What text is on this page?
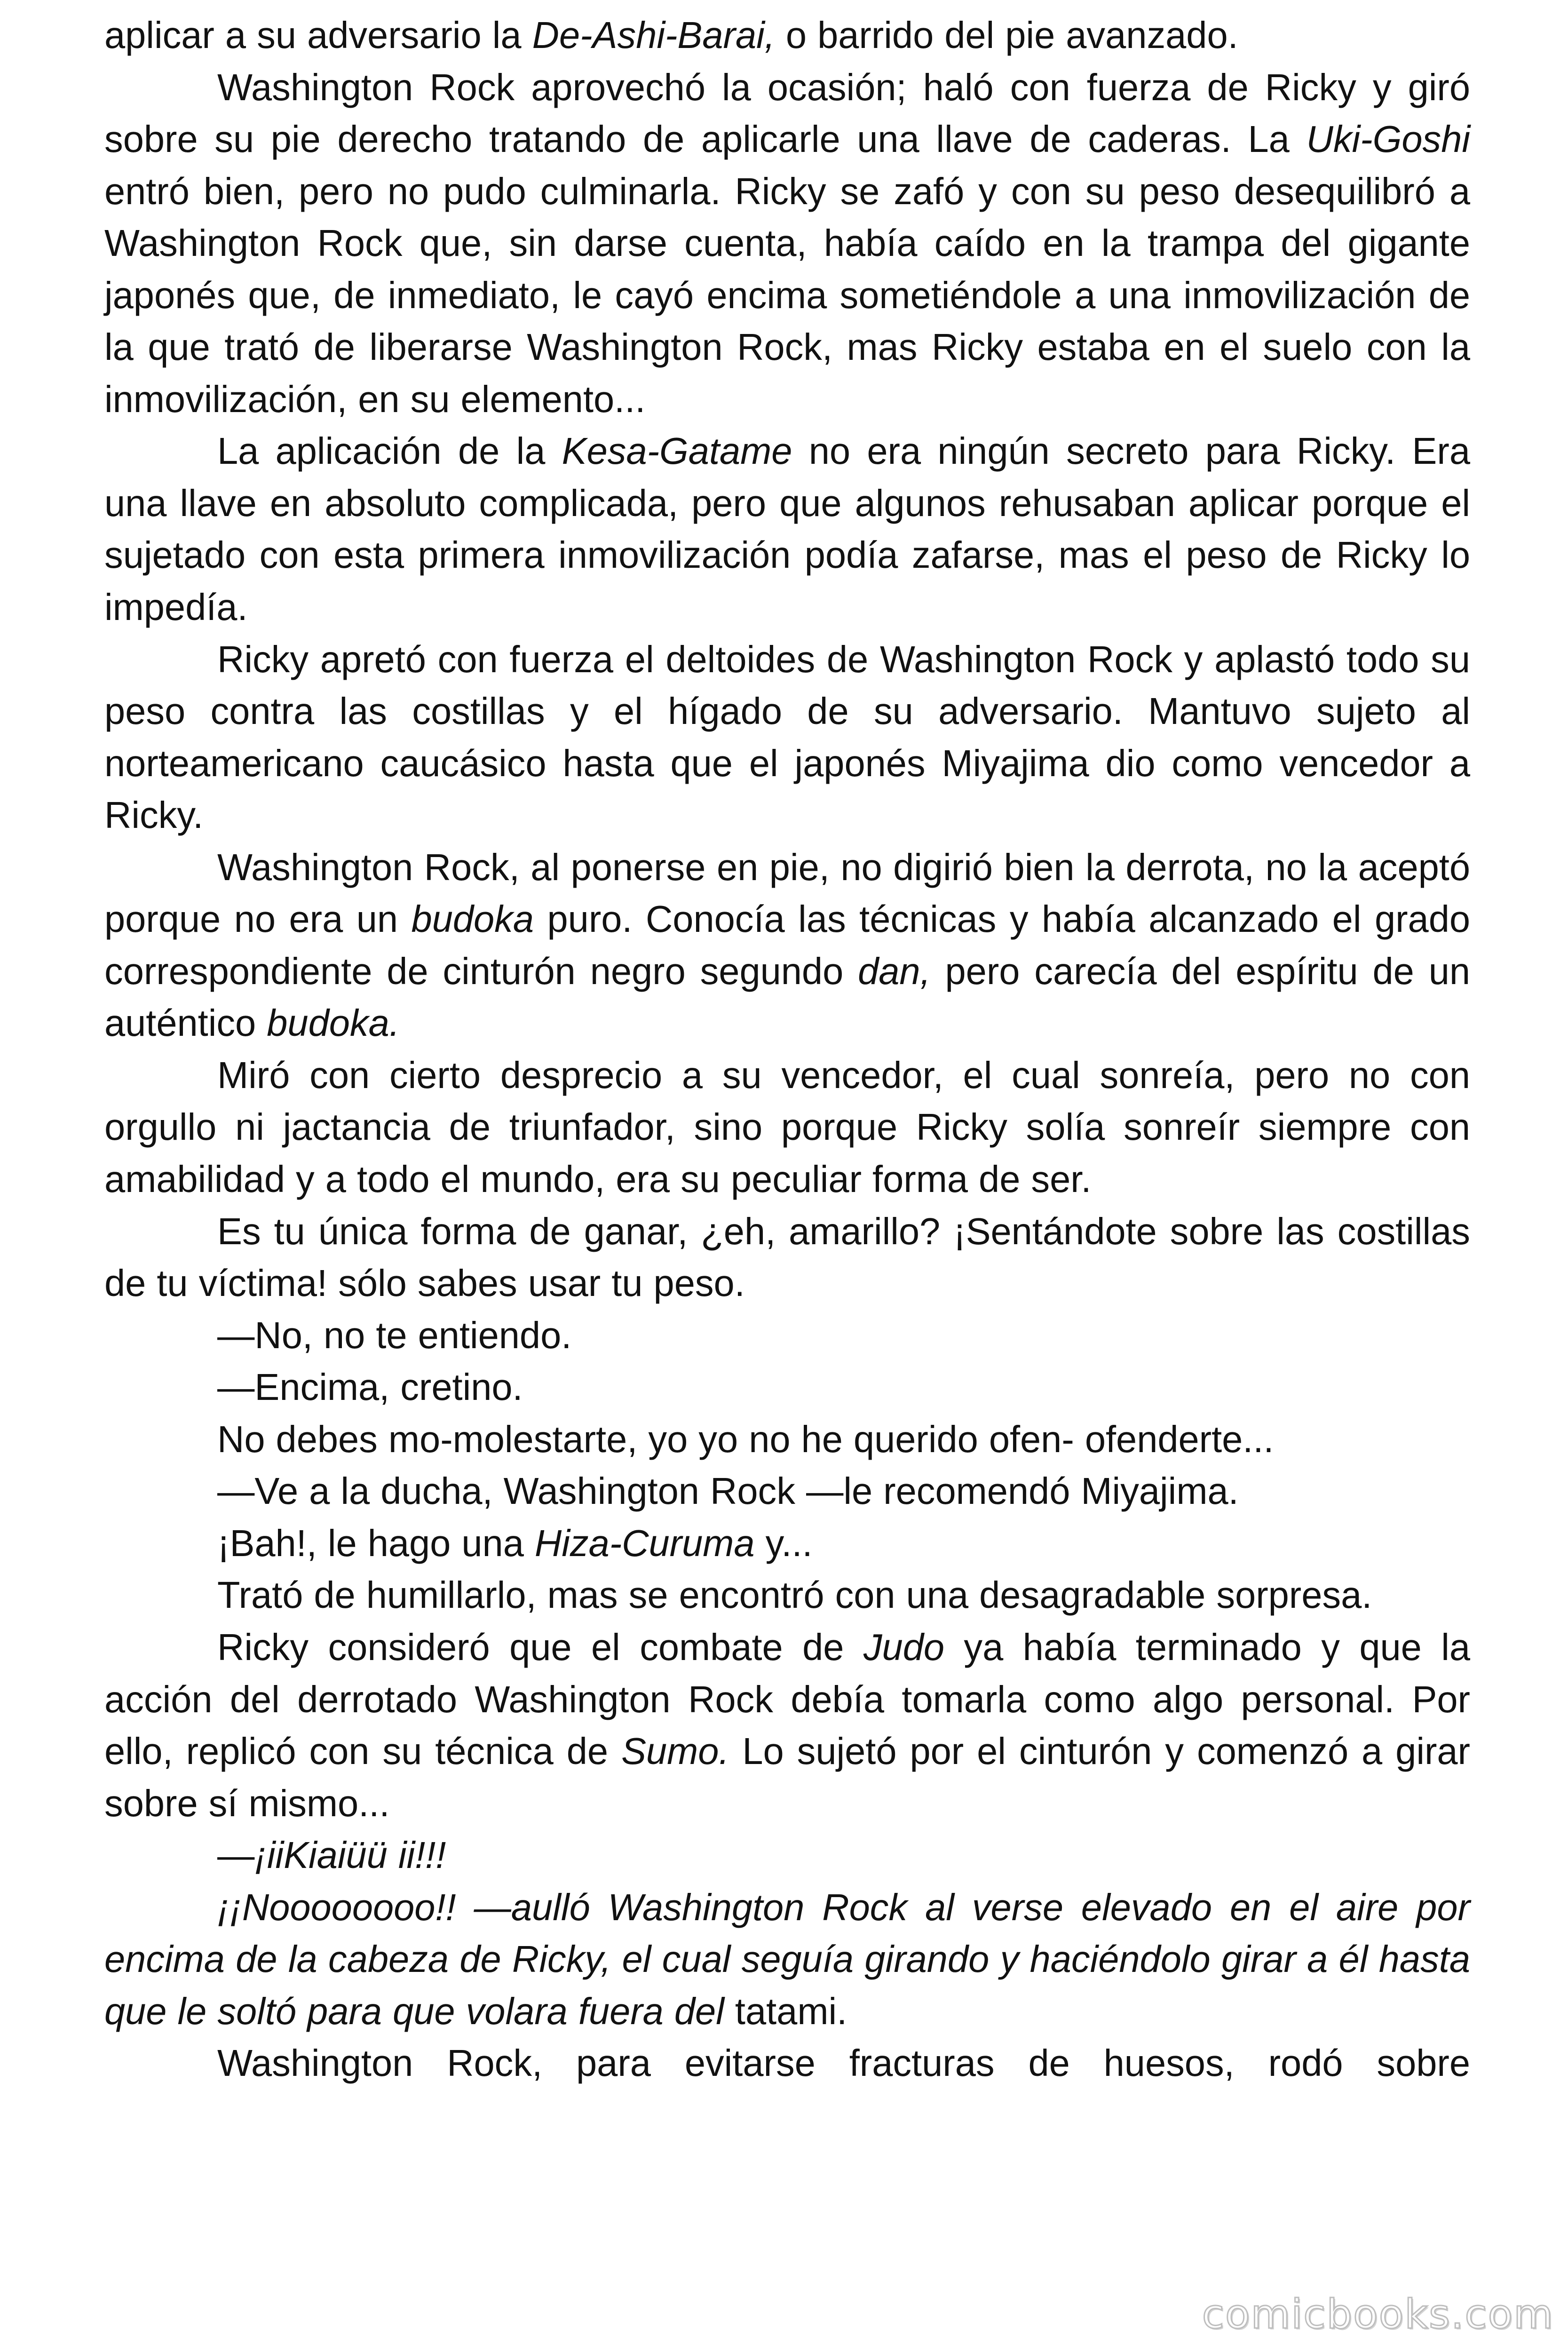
aplicar a su adversario la De-Ashi-Barai, o barrido del pie avanzado.

Washington Rock aprovechó la ocasión; haló con fuerza de Ricky y giró sobre su pie derecho tratando de aplicarle una llave de caderas. La Uki-Goshi entró bien, pero no pudo culminarla. Ricky se zafó y con su peso desequilibró a Washington Rock que, sin darse cuenta, había caído en la trampa del gigante japonés que, de inmediato, le cayó encima sometiéndole a una inmovilización de la que trató de liberarse Washington Rock, mas Ricky estaba en el suelo con la inmovilización, en su elemento...

La aplicación de la Kesa-Gatame no era ningún secreto para Ricky. Era una llave en absoluto complicada, pero que algunos rehusaban aplicar porque el sujetado con esta primera inmovilización podía zafarse, mas el peso de Ricky lo impedía.

Ricky apretó con fuerza el deltoides de Washington Rock y aplastó todo su peso contra las costillas y el hígado de su adversario. Mantuvo sujeto al norteamericano caucásico hasta que el japonés Miyajima dio como vencedor a Ricky.

Washington Rock, al ponerse en pie, no digirió bien la derrota, no la aceptó porque no era un budoka puro. Conocía las técnicas y había alcanzado el grado correspondiente de cinturón negro segundo dan, pero carecía del espíritu de un auténtico budoka.

Miró con cierto desprecio a su vencedor, el cual sonreía, pero no con orgullo ni jactancia de triunfador, sino porque Ricky solía sonreír siempre con amabilidad y a todo el mundo, era su peculiar forma de ser.

Es tu única forma de ganar, ¿eh, amarillo? ¡Sentándote sobre las costillas de tu víctima! sólo sabes usar tu peso.

—No, no te entiendo.

—Encima, cretino.

No debes mo-molestarte, yo yo no he querido ofen- ofenderte...

—Ve a la ducha, Washington Rock —le recomendó Miyajima.

¡Bah!, le hago una Hiza-Curuma y...

Trató de humillarlo, mas se encontró con una desagradable sorpresa.

Ricky consideró que el combate de Judo ya había terminado y que la acción del derrotado Washington Rock debía tomarla como algo personal. Por ello, replicó con su técnica de Sumo. Lo sujetó por el cinturón y comenzó a girar sobre sí mismo...

—¡iiKiaiüü ii!!!

¡¡Noooooooo!! —aulló Washington Rock al verse elevado en el aire por encima de la cabeza de Ricky, el cual seguía girando y haciéndolo girar a él hasta que le soltó para que volara fuera del tatami.

Washington Rock, para evitarse fracturas de huesos, rodó sobre

comicbooks.com
